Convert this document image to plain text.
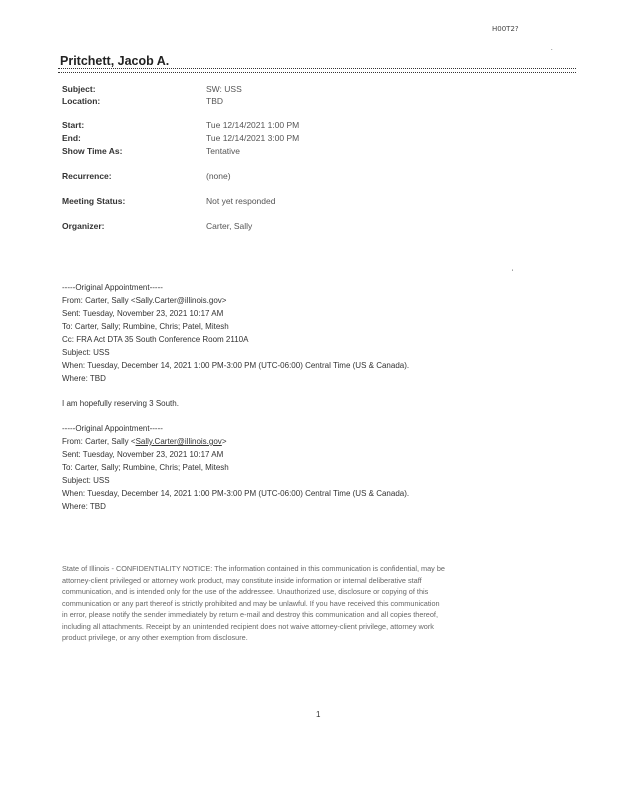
H00T2?
.
Pritchett, Jacob A.
Subject:	SW: USS
Location:	TBD
Start:	Tue 12/14/2021 1:00 PM
End:	Tue 12/14/2021 3:00 PM
Show Time As:	Tentative
Recurrence:	(none)
Meeting Status:	Not yet responded
Organizer:	Carter, Sally
'
-----Original Appointment-----
From: Carter, Sally <Sally.Carter@illinois.gov>
Sent: Tuesday, November 23, 2021 10:17 AM
To: Carter, Sally; Rumbine, Chris; Patel, Mitesh
Cc: FRA Act DTA 35 South Conference Room 2110A
Subject: USS
When: Tuesday, December 14, 2021 1:00 PM-3:00 PM (UTC-06:00) Central Time (US & Canada).
Where: TBD
I am hopefully reserving 3 South.
-----Original Appointment-----
From: Carter, Sally <Sally.Carter@illinois.gov>
Sent: Tuesday, November 23, 2021 10:17 AM
To: Carter, Sally; Rumbine, Chris; Patel, Mitesh
Subject: USS
When: Tuesday, December 14, 2021 1:00 PM-3:00 PM (UTC-06:00) Central Time (US & Canada).
Where: TBD
State of Illinois - CONFIDENTIALITY NOTICE: The information contained in this communication is confidential, may be
attorney-client privileged or attorney work product, may constitute inside information or internal deliberative staff
communication, and is intended only for the use of the addressee. Unauthorized use, disclosure or copying of this
communication or any part thereof is strictly prohibited and may be unlawful. If you have received this communication
in error, please notify the sender immediately by return e-mail and destroy this communication and all copies thereof,
including all attachments. Receipt by an unintended recipient does not waive attorney-client privilege, attorney work
product privilege, or any other exemption from disclosure.
1
